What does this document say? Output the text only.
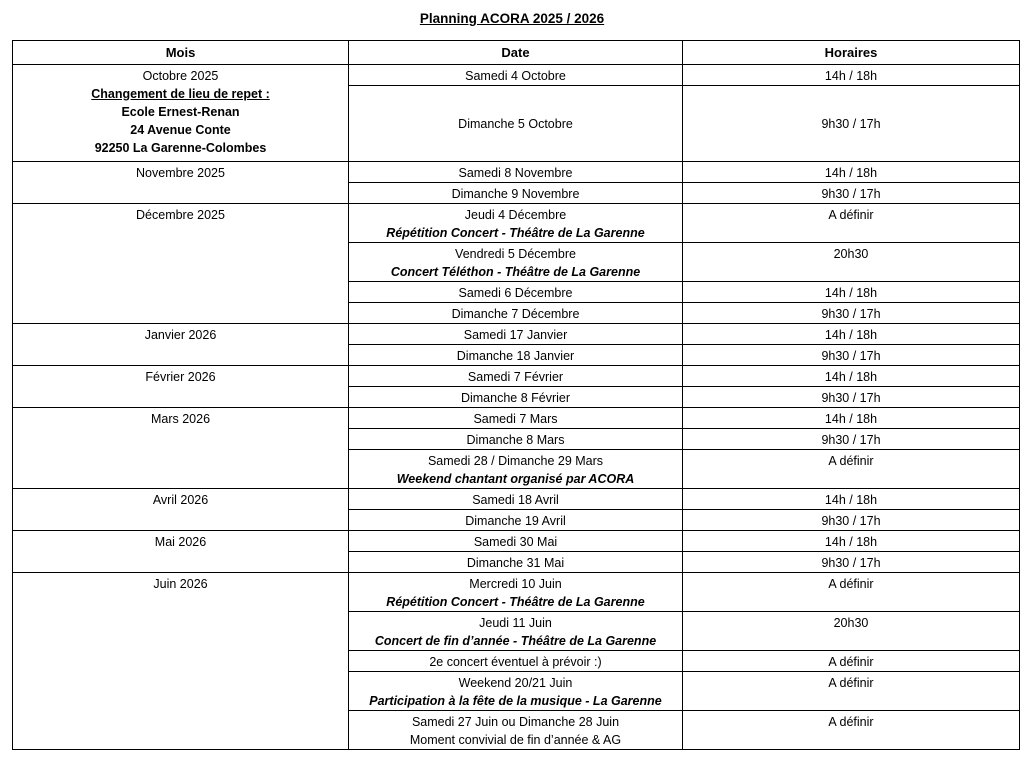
Planning ACORA 2025 / 2026
Mois	Date	Horaires

Octobre 2025
Changement de lieu de repet :
Ecole Ernest-Renan
24 Avenue Conte
92250 La Garenne-Colombes	Samedi 4 Octobre	14h / 18h
	Dimanche 5 Octobre	9h30 / 17h

Novembre 2025	Samedi 8 Novembre	14h / 18h
	Dimanche 9 Novembre	9h30 / 17h

Décembre 2025	Jeudi 4 Décembre
Répétition Concert - Théâtre de La Garenne	A définir

	Vendredi 5 Décembre
Concert Téléthon - Théâtre de La Garenne	20h30
	Samedi 6 Décembre	14h / 18h
	Dimanche 7 Décembre	9h30 / 17h

Janvier 2026	Samedi 17 Janvier	14h / 18h
	Dimanche 18 Janvier	9h30 / 17h

Février 2026	Samedi 7 Février	14h / 18h
	Dimanche 8 Février	9h30 / 17h

Mars 2026	Samedi 7 Mars	14h / 18h
	Dimanche 8 Mars	9h30 / 17h

	Samedi 28 / Dimanche 29 Mars
Weekend chantant organisé par ACORA	A définir

Avril 2026	Samedi 18 Avril	14h / 18h
	Dimanche 19 Avril	9h30 / 17h

Mai 2026	Samedi 30 Mai	14h / 18h
	Dimanche 31 Mai	9h30 / 17h

Juin 2026	Mercredi 10 Juin
Répétition Concert - Théâtre de La Garenne	A définir

	Jeudi 11 Juin
Concert de fin d’année - Théâtre de La Garenne	20h30
	2e concert éventuel à prévoir :)	A définir

	Weekend 20/21 Juin
Participation à la fête de la musique - La Garenne	A définir

	Samedi 27 Juin ou Dimanche 28 Juin
Moment convivial de fin d’année & AG	A définir
